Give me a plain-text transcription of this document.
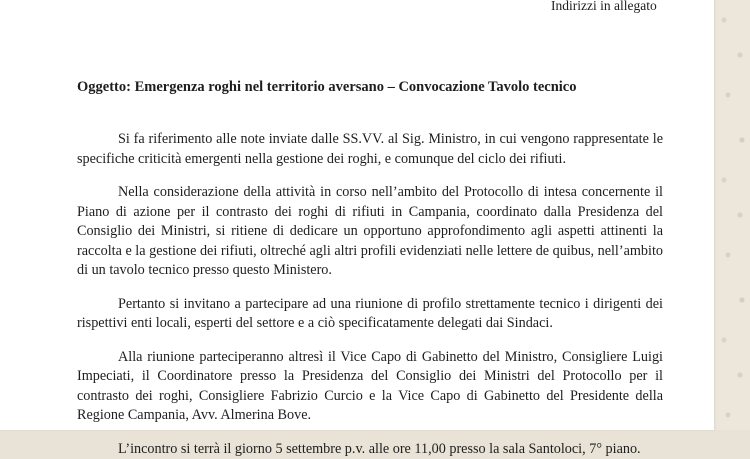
Indirizzi in allegato
Oggetto: Emergenza roghi nel territorio aversano – Convocazione Tavolo tecnico

Si fa riferimento alle note inviate dalle SS.VV. al Sig. Ministro, in cui vengono rappresentate le specifiche criticità emergenti nella gestione dei roghi, e comunque del ciclo dei rifiuti.

Nella considerazione della attività in corso nell’ambito del Protocollo di intesa concernente il Piano di azione per il contrasto dei roghi di rifiuti in Campania, coordinato dalla Presidenza del Consiglio dei Ministri, si ritiene di dedicare un opportuno approfondimento agli aspetti attinenti la raccolta e la gestione dei rifiuti, oltreché agli altri profili evidenziati nelle lettere de quibus, nell’ambito di un tavolo tecnico presso questo Ministero.

Pertanto si invitano a partecipare ad una riunione di profilo strettamente tecnico i dirigenti dei rispettivi enti locali, esperti del settore e a ciò specificatamente delegati dai Sindaci.

Alla riunione parteciperanno altresì il Vice Capo di Gabinetto del Ministro, Consigliere Luigi Impeciati, il Coordinatore presso la Presidenza del Consiglio dei Ministri del Protocollo per il contrasto dei roghi, Consigliere Fabrizio Curcio e la Vice Capo di Gabinetto del Presidente della Regione Campania, Avv. Almerina Bove.

L’incontro si terrà il giorno 5 settembre p.v. alle ore 11,00 presso la sala Santoloci, 7° piano.
